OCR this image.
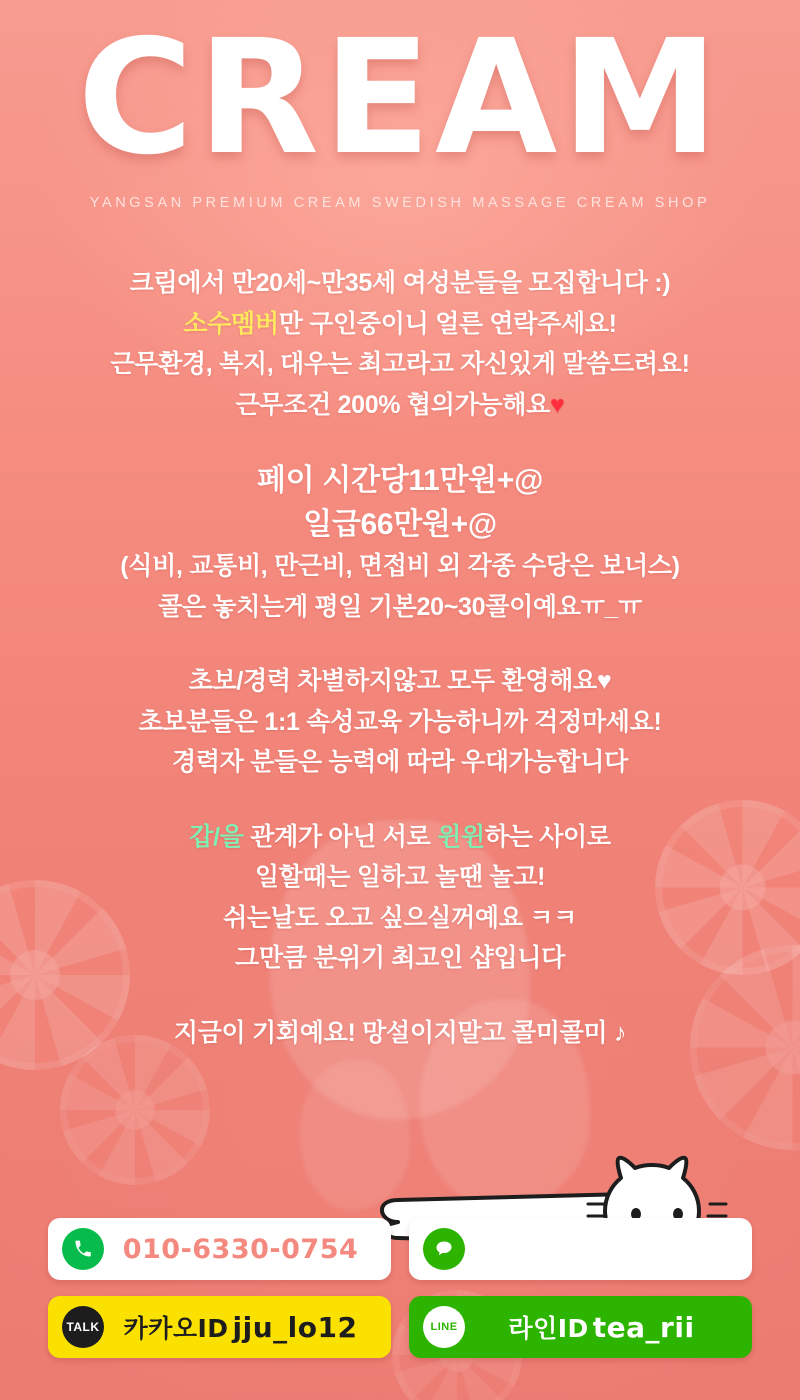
CREAM
YANGSAN PREMIUM CREAM SWEDISH MASSAGE CREAM SHOP
크림에서 만20세~만35세 여성분들을 모집합니다 :)
소수멤버만 구인중이니 얼른 연락주세요!
근무환경, 복지, 대우는 최고라고 자신있게 말씀드려요!
근무조건 200% 협의가능해요♥
페이 시간당11만원+@
일급66만원+@
(식비, 교통비, 만근비, 면접비 외 각종 수당은 보너스)
콜은 놓치는게 평일 기본20~30콜이예요ㅠ_ㅠ
초보/경력 차별하지않고 모두 환영해요♥
초보분들은 1:1 속성교육 가능하니까 걱정마세요!
경력자 분들은 능력에 따라 우대가능합니다
갑/을 관계가 아닌 서로 윈윈하는 사이로
일할때는 일하고 놀땐 놀고!
쉬는날도 오고 싶으실꺼예요 ㅋㅋ
그만큼 분위기 최고인 샵입니다
지금이 기회예요! 망설이지말고 콜미콜미 ♪
010-6330-0754
TALK 카카오ID jju_lo12	LINE	라인ID tea_rii
